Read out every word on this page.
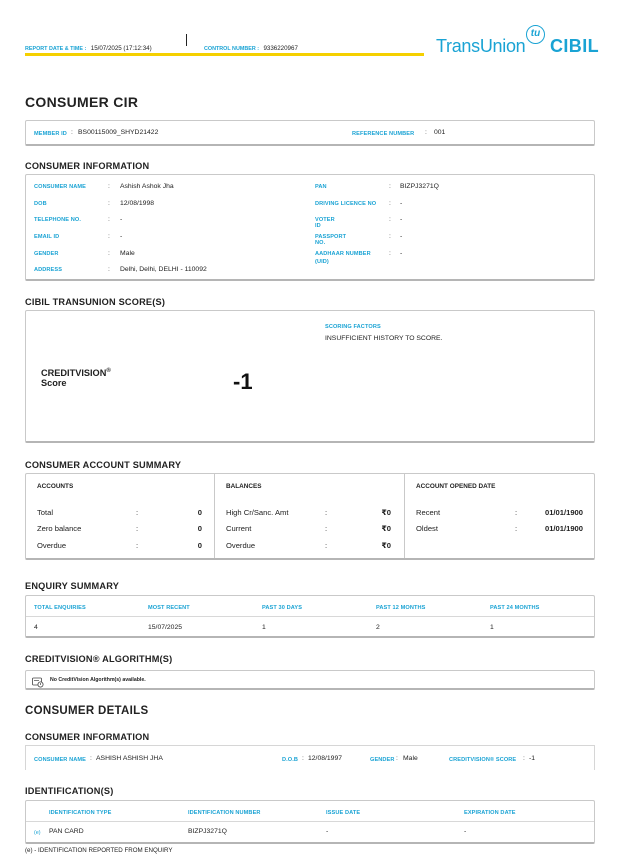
REPORT DATE & TIME : 15/07/2025 (17:12:34)	CONTROL NUMBER : 9336220967	TransUnion
tu
CIBIL
CONSUMER CIR
MEMBER ID : BS00115009_SHYD21422	REFERENCE NUMBER : 001
CONSUMER INFORMATION
CONSUMER NAME	: Ashish Ashok Jha
DOB	: 12/08/1998
TELEPHONE NO.	: -
EMAIL ID	: -
GENDER	: Male
ADDRESS	: Delhi, Delhi, DELHI - 110092
PAN	: BIZPJ3271Q
DRIVING LICENCE NO : -
VOTER ID
: -
PASSPORT NO.
: -
AADHAAR NUMBER (UID)
: -
CIBIL TRANSUNION SCORE(S)
CREDITVISION®
Score	-1
SCORING FACTORS
INSUFFICIENT HISTORY TO SCORE.
CONSUMER ACCOUNT SUMMARY
ACCOUNTS
Total	:	0
Zero balance	:	0
Overdue	:	0
BALANCES
High Cr/Sanc. Amt	:	₹0
Current	:	₹0
Overdue	:	₹0
ACCOUNT OPENED DATE
Recent	:	01/01/1900
Oldest	:	01/01/1900
ENQUIRY SUMMARY
TOTAL ENQUIRIES	MOST RECENT	PAST 30 DAYS	PAST 12 MONTHS	PAST 24 MONTHS
4	15/07/2025	1	2	1
CREDITVISION® ALGORITHM(S)
No CreditVision Algorithm(s) available.
CONSUMER DETAILS
CONSUMER INFORMATION
CONSUMER NAME : ASHISH ASHISH JHA	D.O.B : 12/08/1997	GENDER : Male	CREDITVISION® SCORE : -1
IDENTIFICATION(S)
IDENTIFICATION TYPE	IDENTIFICATION NUMBER	ISSUE DATE	EXPIRATION DATE
(e) PAN CARD	BIZPJ3271Q	-	-
(e) - IDENTIFICATION REPORTED FROM ENQUIRY
